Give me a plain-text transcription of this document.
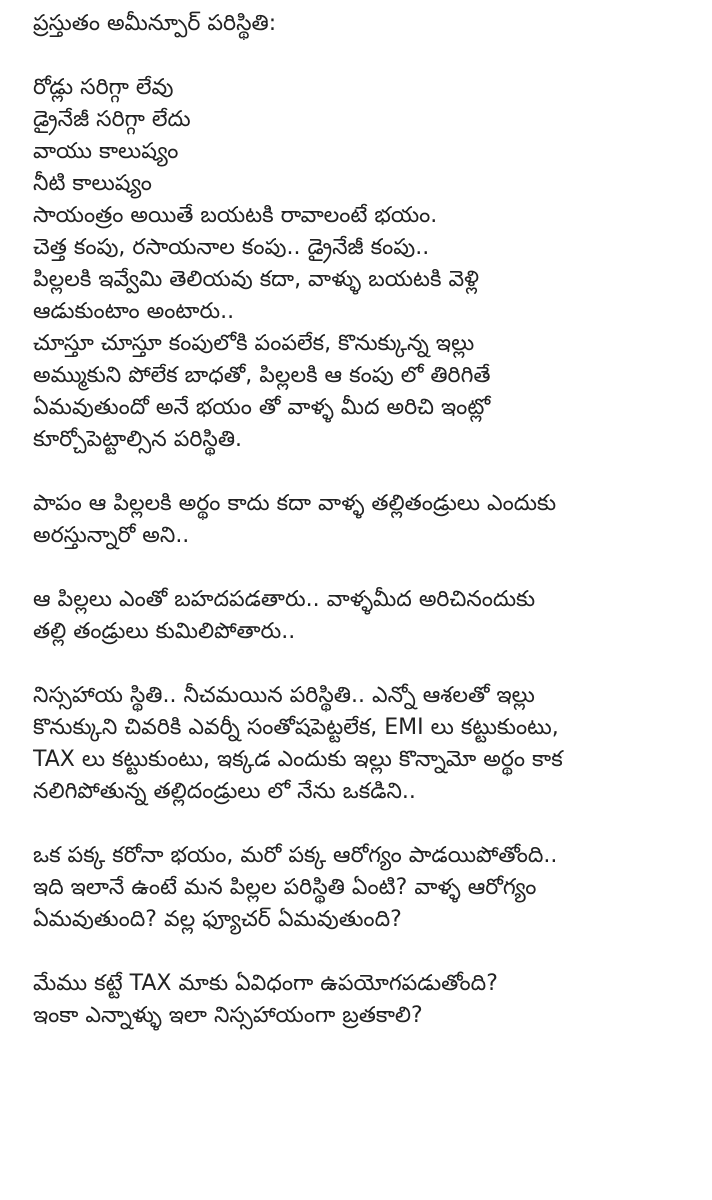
ప్రస్తుతం అమీన్పూర్ పరిస్థితి:
రోడ్లు సరిగ్గా లేవు
డ్రైనేజీ సరిగ్గా లేదు
వాయు కాలుష్యం
నీటి కాలుష్యం
సాయంత్రం అయితే బయటకి రావాలంటే భయం.
చెత్త కంపు, రసాయనాల కంపు.. డ్రైనేజీ కంపు..
పిల్లలకి ఇవ్వేమి తెలియవు కదా, వాళ్ళు బయటకి వెళ్లి
ఆడుకుంటాం అంటారు..
చూస్తూ చూస్తూ కంపులోకి పంపలేక, కొనుక్కున్న ఇల్లు
అమ్ముకుని పోలేక బాధతో, పిల్లలకి ఆ కంపు లో తిరిగితే
ఏమవుతుందో అనే భయం తో వాళ్ళ మీద అరిచి ఇంట్లో
కూర్చోపెట్టాల్సిన పరిస్థితి.
పాపం ఆ పిల్లలకి అర్థం కాదు కదా వాళ్ళ తల్లితండ్రులు ఎందుకు
అరస్తున్నారో అని..
ఆ పిల్లలు ఎంతో బహదపడతారు.. వాళ్ళమీద అరిచినందుకు
తల్లి తండ్రులు కుమిలిపోతారు..
నిస్సహాయ స్థితి.. నీచమయిన పరిస్థితి.. ఎన్నో ఆశలతో ఇల్లు
కొనుక్కుని చివరికి ఎవర్నీ సంతోషపెట్టలేక, EMI లు కట్టుకుంటు,
TAX లు కట్టుకుంటు, ఇక్కడ ఎందుకు ఇల్లు కొన్నామో అర్థం కాక
నలిగిపోతున్న తల్లిదండ్రులు లో నేను ఒకడిని..
ఒక పక్క కరోనా భయం, మరో పక్క ఆరోగ్యం పాడయిపోతోంది..
ఇది ఇలానే ఉంటే మన పిల్లల పరిస్థితి ఏంటి? వాళ్ళ ఆరోగ్యం
ఏమవుతుంది? వల్ల ఫ్యూచర్ ఏమవుతుంది?
మేము కట్టే TAX మాకు ఏవిధంగా ఉపయోగపడుతోంది?
ఇంకా ఎన్నాళ్ళు ఇలా నిస్సహాయంగా బ్రతకాలి?
